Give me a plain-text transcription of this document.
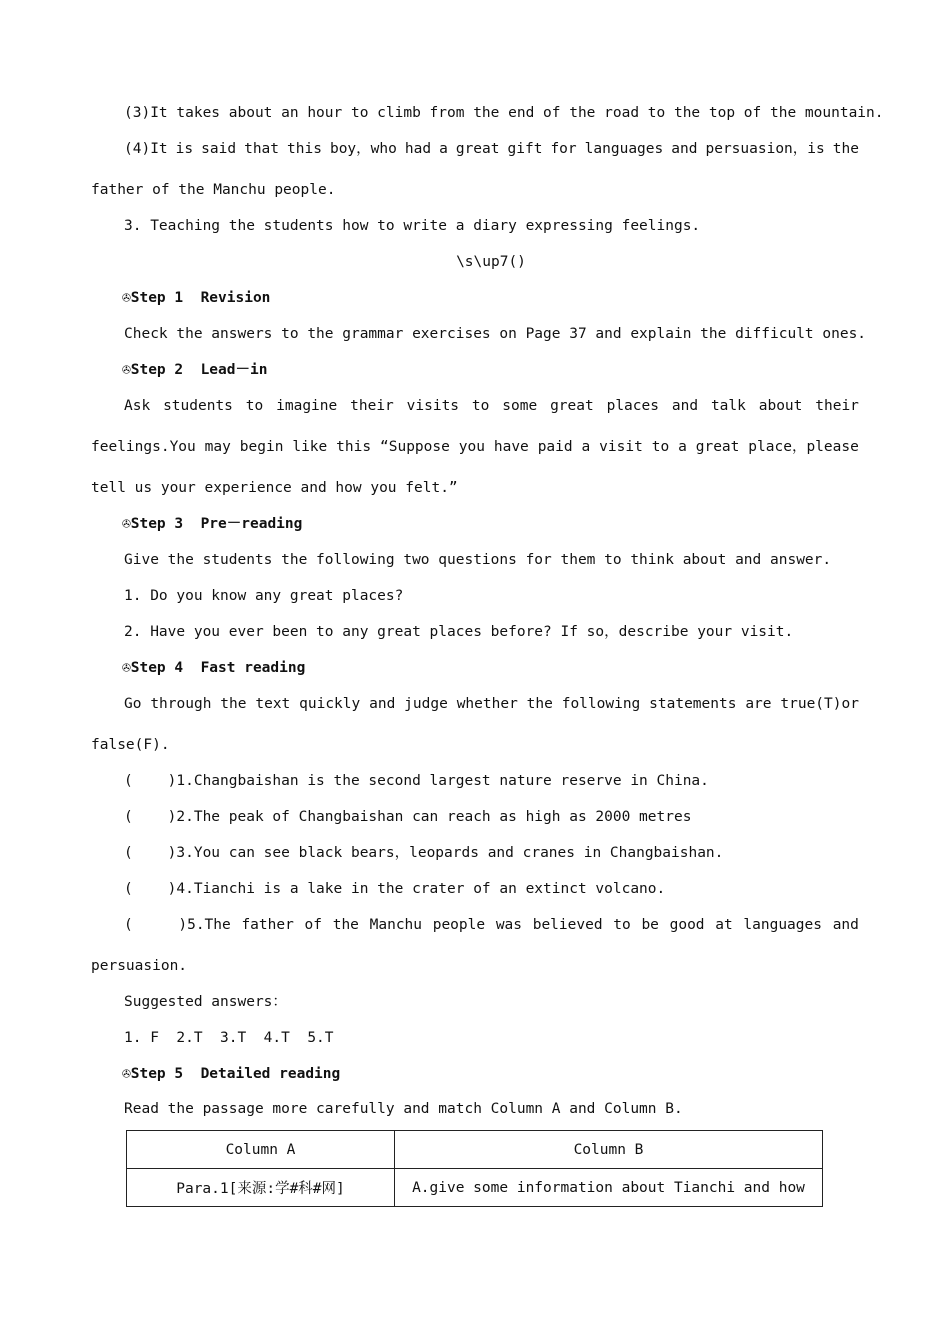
(3)It takes about an hour to climb from the end of the road to the top of the mountain.
(4)It is said that this boy，who had a great gift for languages and persuasion，is the
father of the Manchu people.
3. Teaching the students how to write a diary expressing feelings.
\s\up7()
✇Step 1  Revision
Check the answers to the grammar exercises on Page 37 and explain the difficult ones.
✇Step 2  Lead－in
Ask students to imagine their visits to some great places and talk about their
feelings.You may begin like this “Suppose you have paid a visit to a great place，please
tell us your experience and how you felt.”
✇Step 3  Pre－reading
Give the students the following two questions for them to think about and answer.
1. Do you know any great places?
2. Have you ever been to any great places before? If so，describe your visit.
✇Step 4  Fast reading
Go through the text quickly and judge whether the following statements are true(T)or
false(F).
(    )1.Changbaishan is the second largest nature reserve in China.
(    )2.The peak of Changbaishan can reach as high as 2000 metres
(    )3.You can see black bears，leopards and cranes in Changbaishan.
(    )4.Tianchi is a lake in the crater of an extinct volcano.
( )5.The father of the Manchu people was believed to be good at languages and
persuasion.
Suggested answers：
1. F  2.T  3.T  4.T  5.T
✇Step 5  Detailed reading
Read the passage more carefully and match Column A and Column B.
Column A	Column B
Para.1[来源:学#科#网]	A.give some information about Tianchi and how
